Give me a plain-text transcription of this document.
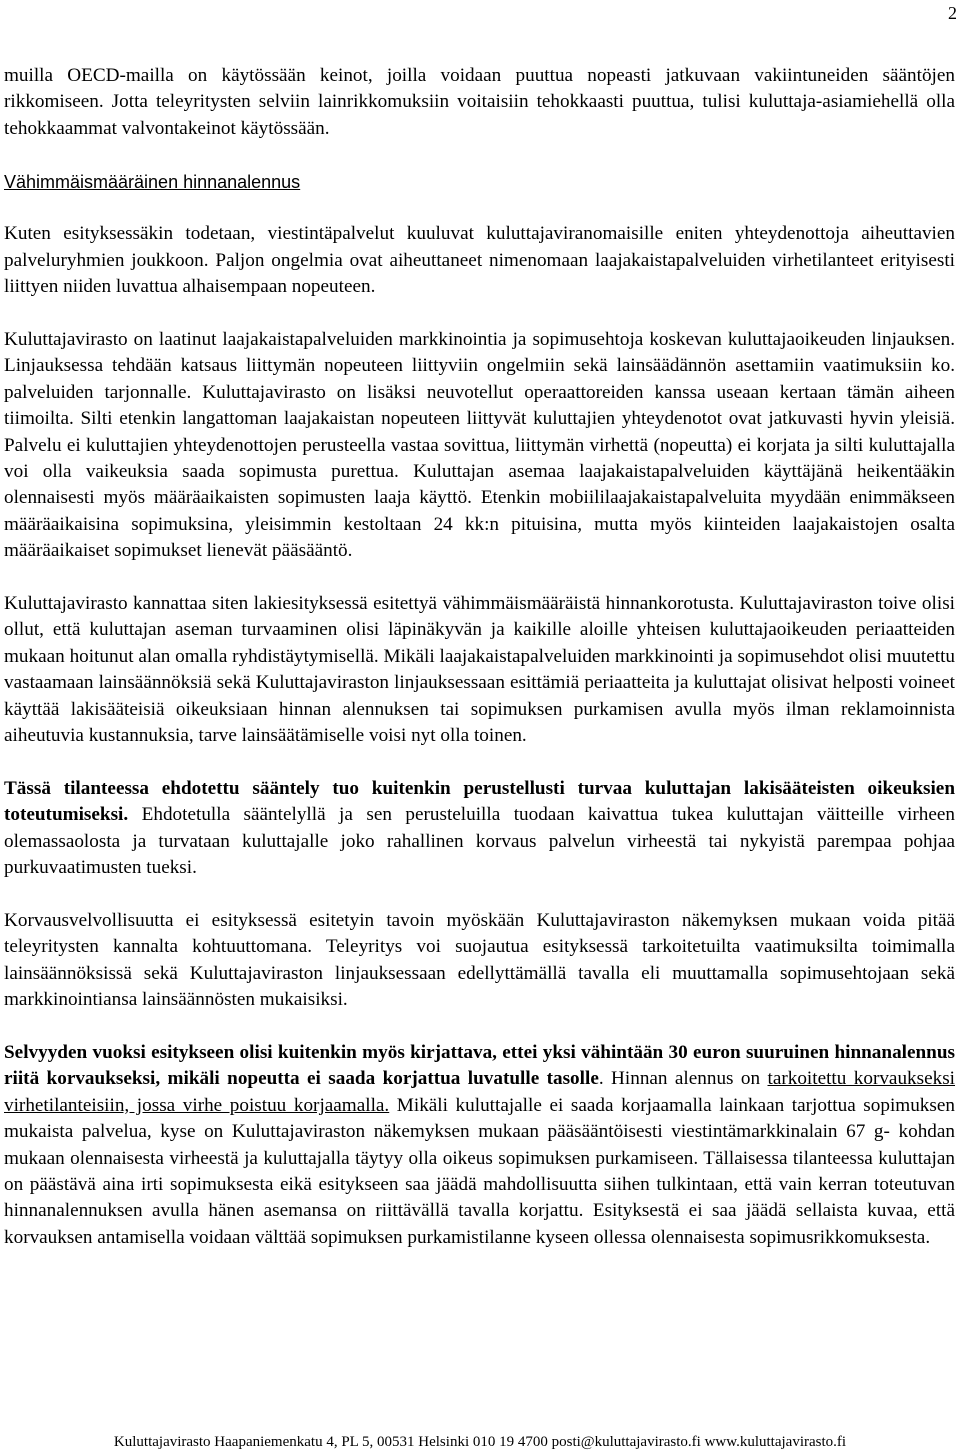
2

muilla OECD-mailla on käytössään keinot, joilla voidaan puuttua nopeasti jatkuvaan vakiintuneiden sääntöjen rikkomiseen. Jotta teleyritysten selviin lainrikkomuksiin voitaisiin tehokkaasti puuttua, tulisi kuluttaja-asiamiehellä olla tehokkaammat valvontakeinot käytössään.

Vähimmäismääräinen hinnanalennus

Kuten esityksessäkin todetaan, viestintäpalvelut kuuluvat kuluttajaviranomaisille eniten yhteydenottoja aiheuttavien palveluryhmien joukkoon. Paljon ongelmia ovat aiheuttaneet nimenomaan laajakaistapalveluiden virhetilanteet erityisesti liittyen niiden luvattua alhaisempaan nopeuteen.

Kuluttajavirasto on laatinut laajakaistapalveluiden markkinointia ja sopimusehtoja koskevan kuluttajaoikeuden linjauksen. Linjauksessa tehdään katsaus liittymän nopeuteen liittyviin ongelmiin sekä lainsäädännön asettamiin vaatimuksiin ko. palveluiden tarjonnalle. Kuluttajavirasto on lisäksi neuvotellut operaattoreiden kanssa useaan kertaan tämän aiheen tiimoilta. Silti etenkin langattoman laajakaistan nopeuteen liittyvät kuluttajien yhteydenotot ovat jatkuvasti hyvin yleisiä. Palvelu ei kuluttajien yhteydenottojen perusteella vastaa sovittua, liittymän virhettä (nopeutta) ei korjata ja silti kuluttajalla voi olla vaikeuksia saada sopimusta purettua. Kuluttajan asemaa laajakaistapalveluiden käyttäjänä heikentääkin olennaisesti myös määräaikaisten sopimusten laaja käyttö. Etenkin mobiililaajakaistapalveluita myydään enimmäkseen määräaikaisina sopimuksina, yleisimmin kestoltaan 24 kk:n pituisina, mutta myös kiinteiden laajakaistojen osalta määräaikaiset sopimukset lienevät pääsääntö.

Kuluttajavirasto kannattaa siten lakiesityksessä esitettyä vähimmäismääräistä hinnankorotusta. Kuluttajaviraston toive olisi ollut, että kuluttajan aseman turvaaminen olisi läpinäkyvän ja kaikille aloille yhteisen kuluttajaoikeuden periaatteiden mukaan hoitunut alan omalla ryhdistäytymisellä. Mikäli laajakaistapalveluiden markkinointi ja sopimusehdot olisi muutettu vastaamaan lainsäännöksiä sekä Kuluttajaviraston linjauksessaan esittämiä periaatteita ja kuluttajat olisivat helposti voineet käyttää lakisääteisiä oikeuksiaan hinnan alennuksen tai sopimuksen purkamisen avulla myös ilman reklamoinnista aiheutuvia kustannuksia, tarve lainsäätämiselle voisi nyt olla toinen.

Tässä tilanteessa ehdotettu sääntely tuo kuitenkin perustellusti turvaa kuluttajan lakisääteisten oikeuksien toteutumiseksi. Ehdotetulla sääntelyllä ja sen perusteluilla tuodaan kaivattua tukea kuluttajan väitteille virheen olemassaolosta ja turvataan kuluttajalle joko rahallinen korvaus palvelun virheestä tai nykyistä parempaa pohjaa purkuvaatimusten tueksi.

Korvausvelvollisuutta ei esityksessä esitetyin tavoin myöskään Kuluttajaviraston näkemyksen mukaan voida pitää teleyritysten kannalta kohtuuttomana. Teleyritys voi suojautua esityksessä tarkoitetuilta vaatimuksilta toimimalla lainsäännöksissä sekä Kuluttajaviraston linjauksessaan edellyttämällä tavalla eli muuttamalla sopimusehtojaan sekä markkinointiansa lainsäännösten mukaisiksi.

Selvyyden vuoksi esitykseen olisi kuitenkin myös kirjattava, ettei yksi vähintään 30 euron suuruinen hinnanalennus riitä korvaukseksi, mikäli nopeutta ei saada korjattua luvatulle tasolle. Hinnan alennus on tarkoitettu korvaukseksi virhetilanteisiin, jossa virhe poistuu korjaamalla. Mikäli kuluttajalle ei saada korjaamalla lainkaan tarjottua sopimuksen mukaista palvelua, kyse on Kuluttajaviraston näkemyksen mukaan pääsääntöisesti viestintämarkkinalain 67 g- kohdan mukaan olennaisesta virheestä ja kuluttajalla täytyy olla oikeus sopimuksen purkamiseen. Tällaisessa tilanteessa kuluttajan on päästävä aina irti sopimuksesta eikä esitykseen saa jäädä mahdollisuutta siihen tulkintaan, että vain kerran toteutuvan hinnanalennuksen avulla hänen asemansa on riittävällä tavalla korjattu. Esityksestä ei saa jäädä sellaista kuvaa, että korvauksen antamisella voidaan välttää sopimuksen purkamistilanne kyseen ollessa olennaisesta sopimusrikkomuksesta.

Kuluttajavirasto Haapaniemenkatu 4, PL 5, 00531 Helsinki 010 19 4700 posti@kuluttajavirasto.fi www.kuluttajavirasto.fi
